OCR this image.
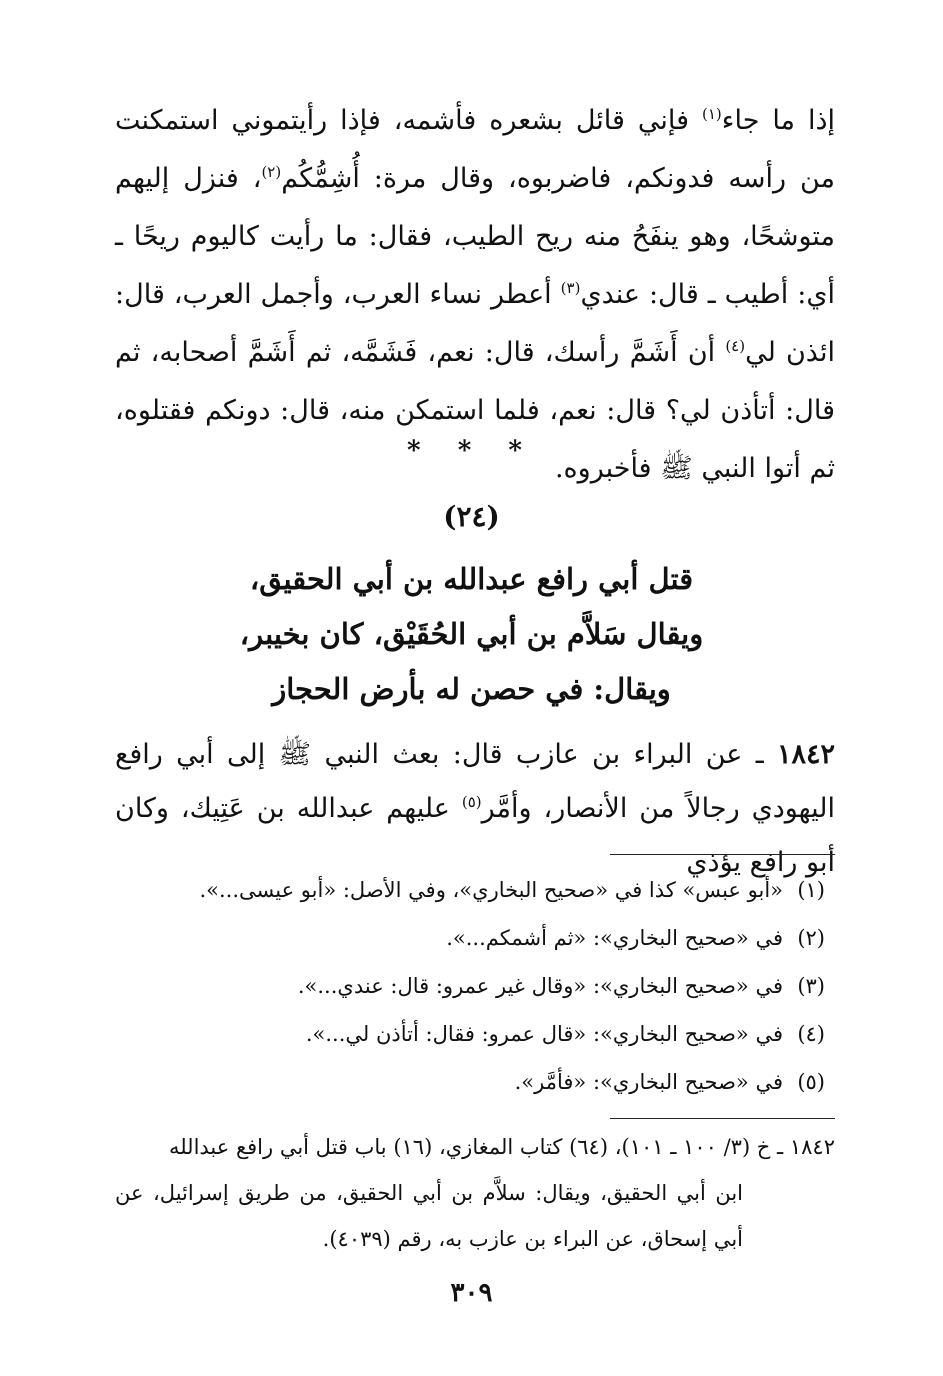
إذا ما جاء$^{(١)}$ فإني قائل بشعره فأشمه، فإذا رأيتموني استمكنت من رأسه فدونكم، فاضربوه، وقال مرة: أُشِمُّكُم$^{(٢)}$، فنزل إليهم متوشحًا، وهو ينفَحُ منه ريح الطيب، فقال: ما رأيت كاليوم ريحًا ـ أي: أطيب ـ قال: عندي$^{(٣)}$ أعطر نساء العرب، وأجمل العرب، قال: ائذن لي$^{(٤)}$ أن أَشَمَّ رأسك، قال: نعم، فَشَمَّه، ثم أَشَمَّ أصحابه، ثم قال: أتأذن لي؟ قال: نعم، فلما استمكن منه، قال: دونكم فقتلوه، ثم أتوا النبي ﷺ فأخبروه.

* * *
(٢٤)
قتل أبي رافع عبدالله بن أبي الحقيق،
ويقال سَلاَّم بن أبي الحُقَيْق، كان بخيبر،
ويقال: في حصن له بأرض الحجاز
١٨٤٢ ـ عن البراء بن عازب قال: بعث النبي ﷺ إلى أبي رافع اليهودي رجالاً من الأنصار، وأمَّر$^{(٥)}$ عليهم عبدالله بن عَتِيك، وكان أبو رافع يؤذي
(١)«أبو عبس» كذا في «صحيح البخاري»، وفي الأصل: «أبو عيسى...».
(٢)في «صحيح البخاري»: «ثم أشمكم...».
(٣)في «صحيح البخاري»: «وقال غير عمرو: قال: عندي...».
(٤)في «صحيح البخاري»: «قال عمرو: فقال: أتأذن لي...».
(٥)في «صحيح البخاري»: «فأمَّر».
١٨٤٢ ـ خ (٣/ ١٠٠ ـ ١٠١)، (٦٤) كتاب المغازي، (١٦) باب قتل أبي رافع عبدالله
ابن أبي الحقيق، ويقال: سلاَّم بن أبي الحقيق، من طريق إسرائيل، عن أبي إسحاق، عن البراء بن عازب به، رقم (٤٠٣٩).
٣٠٩
